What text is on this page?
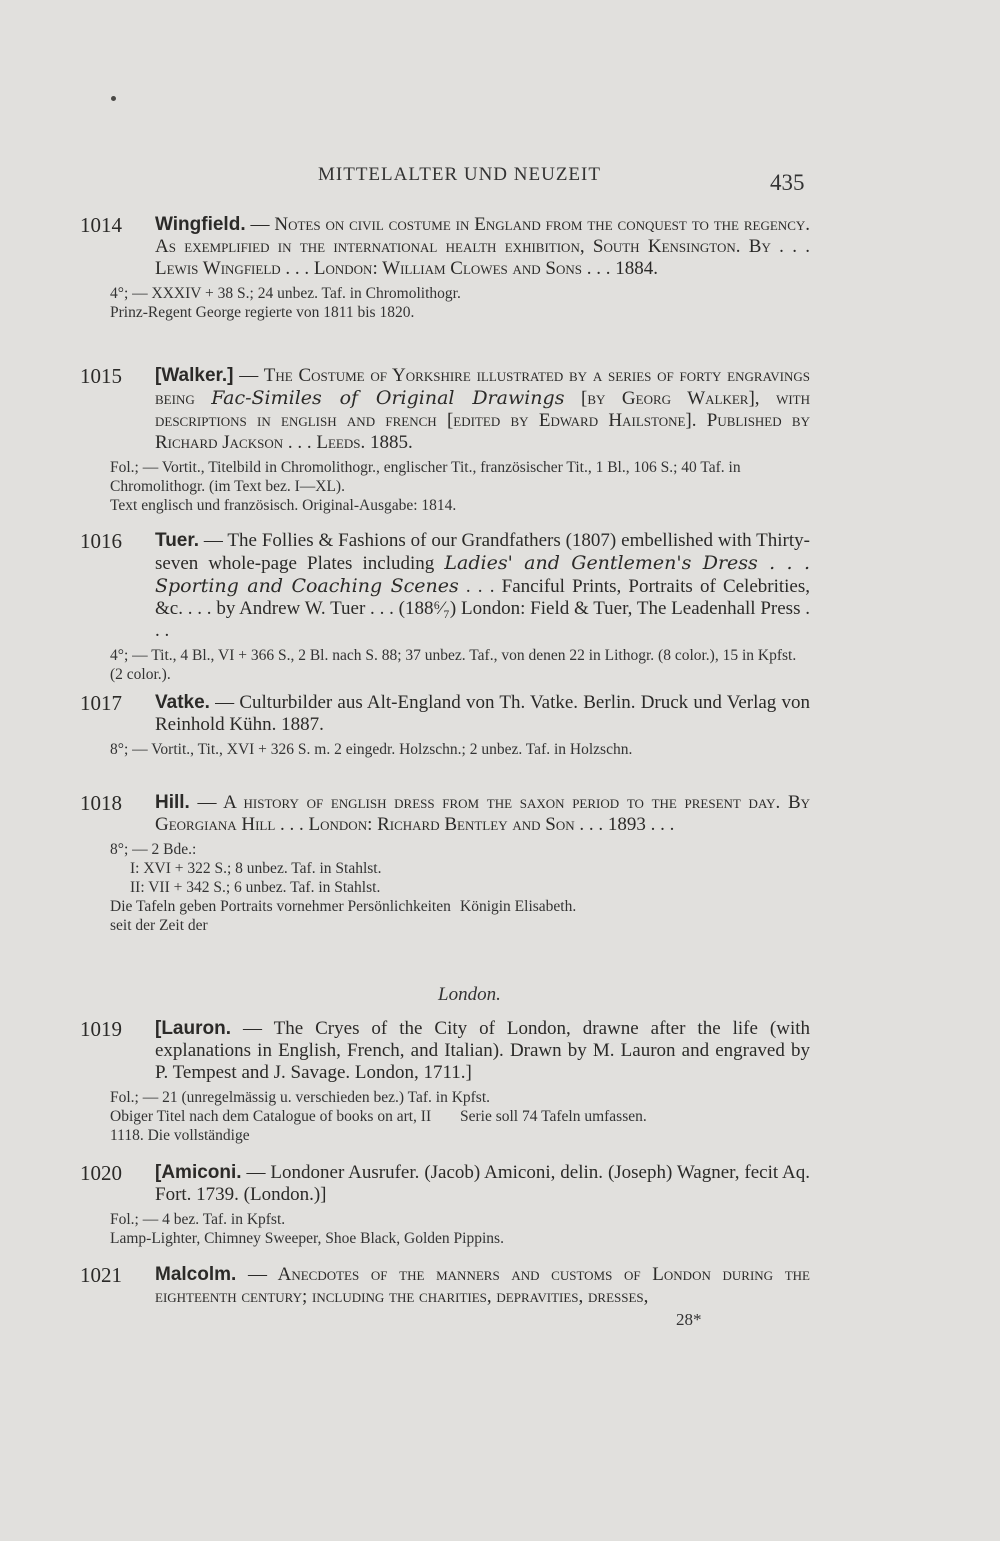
MITTELALTER UND NEUZEIT	435
1014	Wingfield. — Notes on civil costume in England from the conquest to the regency. As exemplified in the international health exhibition, South Kensington. By . . . Lewis Wingfield . . . London: William Clowes and Sons . . . 1884.
4°; — XXXIV + 38 S.; 24 unbez. Taf. in Chromolithogr.
Prinz-Regent George regierte von 1811 bis 1820.
1015	[Walker.] — The Costume of Yorkshire illustrated by a series of forty engravings being Fac-Similes of Original Drawings [by Georg Walker], with descriptions in english and french [edited by Edward Hailstone]. Published by Richard Jackson . . . Leeds. 1885.
Fol.; — Vortit., Titelbild in Chromolithogr., englischer Tit., französischer Tit., 1 Bl., 106 S.; 40 Taf. in Chromolithogr. (im Text bez. I—XL).
Text englisch und französisch. Original-Ausgabe: 1814.
1016	Tuer. — The Follies & Fashions of our Grandfathers (1807) embellished with Thirty-seven whole-page Plates including Ladies' and Gentlemen's Dress . . . Sporting and Coaching Scenes . . . Fanciful Prints, Portraits of Celebrities, &c. . . . by Andrew W. Tuer . . . (188⁶⁄₇) London: Field & Tuer, The Leadenhall Press . . .
4°; — Tit., 4 Bl., VI + 366 S., 2 Bl. nach S. 88; 37 unbez. Taf., von denen 22 in Lithogr. (8 color.), 15 in Kpfst. (2 color.).
1017	Vatke. — Culturbilder aus Alt-England von Th. Vatke. Berlin. Druck und Verlag von Reinhold Kühn. 1887.
8°; — Vortit., Tit., XVI + 326 S. m. 2 eingedr. Holzschn.; 2 unbez. Taf. in Holzschn.
1018	Hill. — A history of english dress from the saxon period to the present day. By Georgiana Hill . . . London: Richard Bentley and Son . . . 1893 . . .
8°; — 2 Bde.:
I: XVI + 322 S.; 8 unbez. Taf. in Stahlst.
II: VII + 342 S.; 6 unbez. Taf. in Stahlst.
Die Tafeln geben Portraits vornehmer Persönlichkeiten seit der Zeit der
Königin Elisabeth.
London.
1019	[Lauron. — The Cryes of the City of London, drawne after the life (with explanations in English, French, and Italian). Drawn by M. Lauron and engraved by P. Tempest and J. Savage. London, 1711.]
Fol.; — 21 (unregelmässig u. verschieden bez.) Taf. in Kpfst.
Obiger Titel nach dem Catalogue of books on art, II 1118. Die vollständige
Serie soll 74 Tafeln umfassen.
1020	[Amiconi. — Londoner Ausrufer. (Jacob) Amiconi, delin. (Joseph) Wagner, fecit Aq. Fort. 1739. (London.)]
Fol.; — 4 bez. Taf. in Kpfst.
Lamp-Lighter, Chimney Sweeper, Shoe Black, Golden Pippins.
1021	Malcolm. — Anecdotes of the manners and customs of London during the eighteenth century; including the charities, depravities, dresses,
28*
